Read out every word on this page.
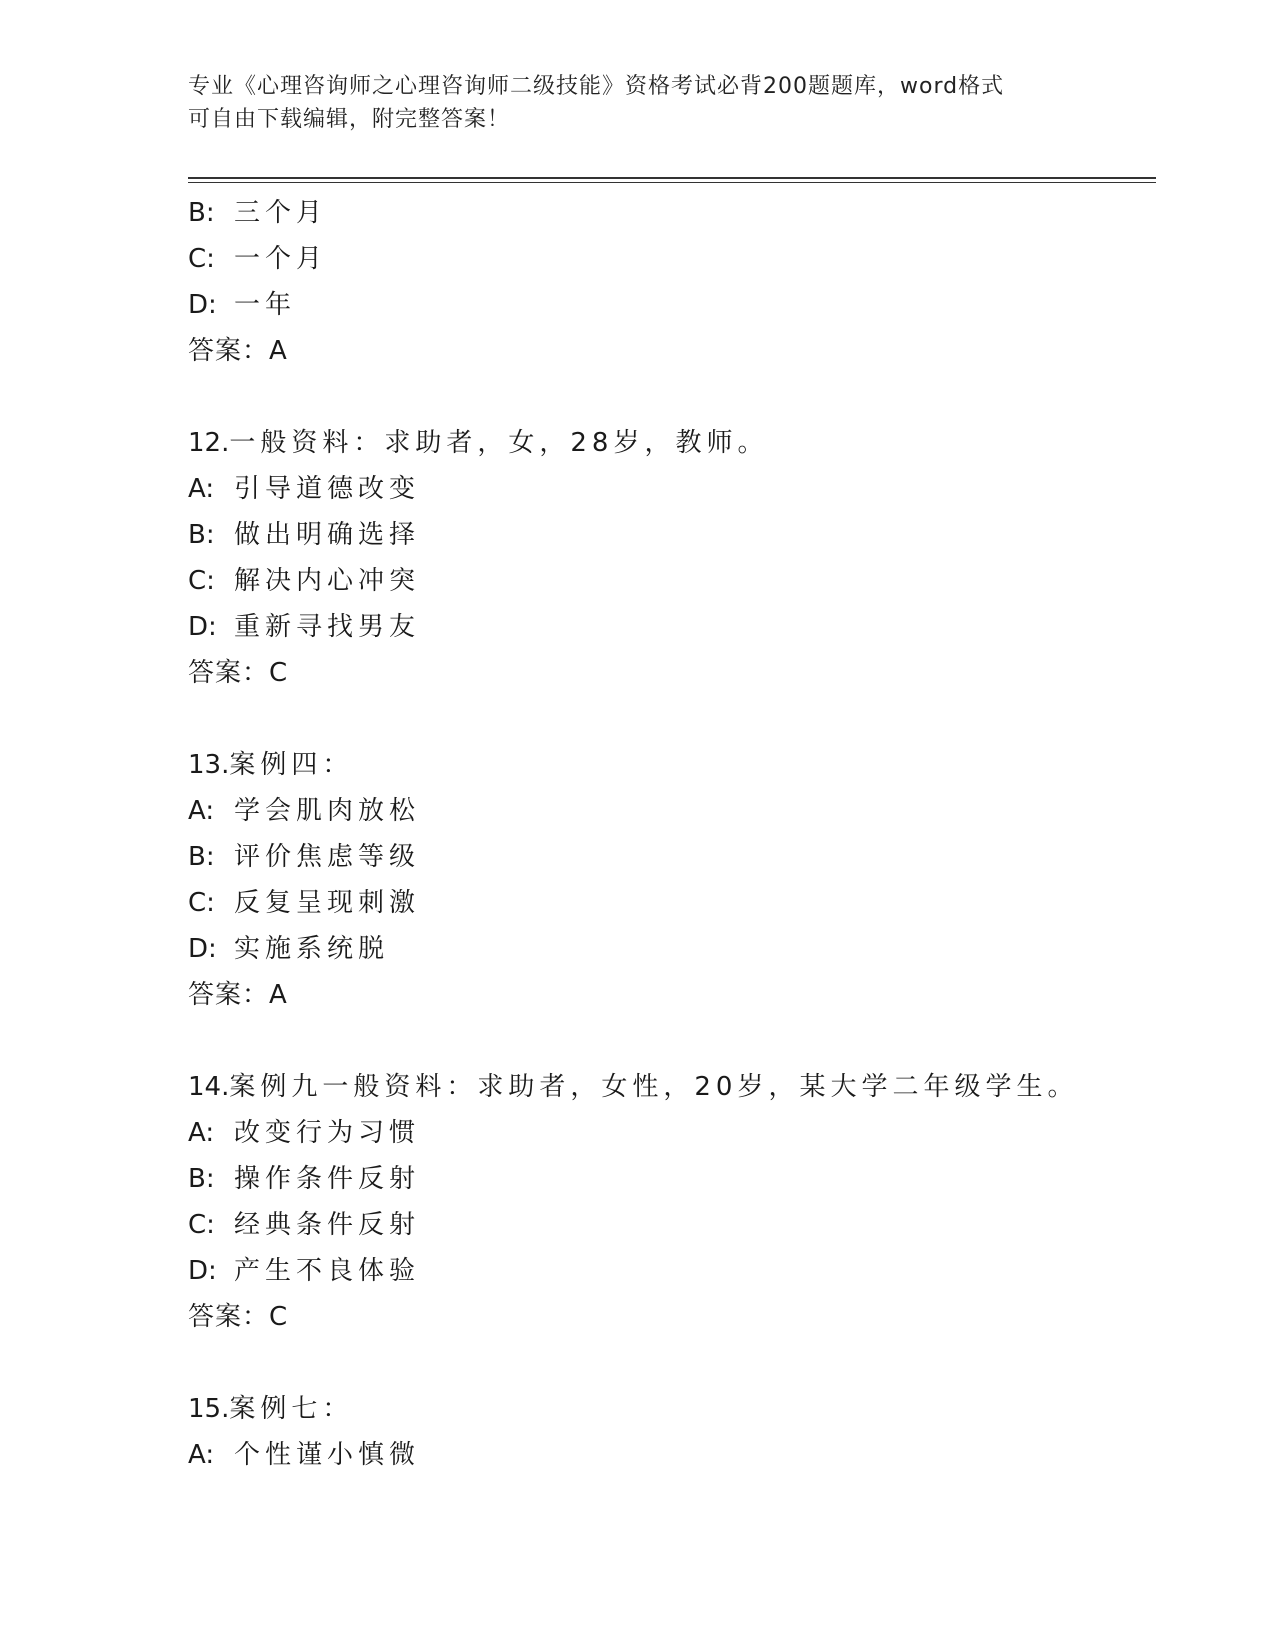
专业《心理咨询师之心理咨询师二级技能》资格考试必背200题题库，word格式
可自由下载编辑，附完整答案！
B: 三个月
C: 一个月
D: 一年
答案：A
12.一般资料：求助者，女，28岁，教师。
A: 引导道德改变
B: 做出明确选择
C: 解决内心冲突
D: 重新寻找男友
答案：C
13.案例四：
A: 学会肌肉放松
B: 评价焦虑等级
C: 反复呈现刺激
D: 实施系统脱
答案：A
14.案例九一般资料：求助者，女性，20岁，某大学二年级学生。
A: 改变行为习惯
B: 操作条件反射
C: 经典条件反射
D: 产生不良体验
答案：C
15.案例七：
A: 个性谨小慎微
